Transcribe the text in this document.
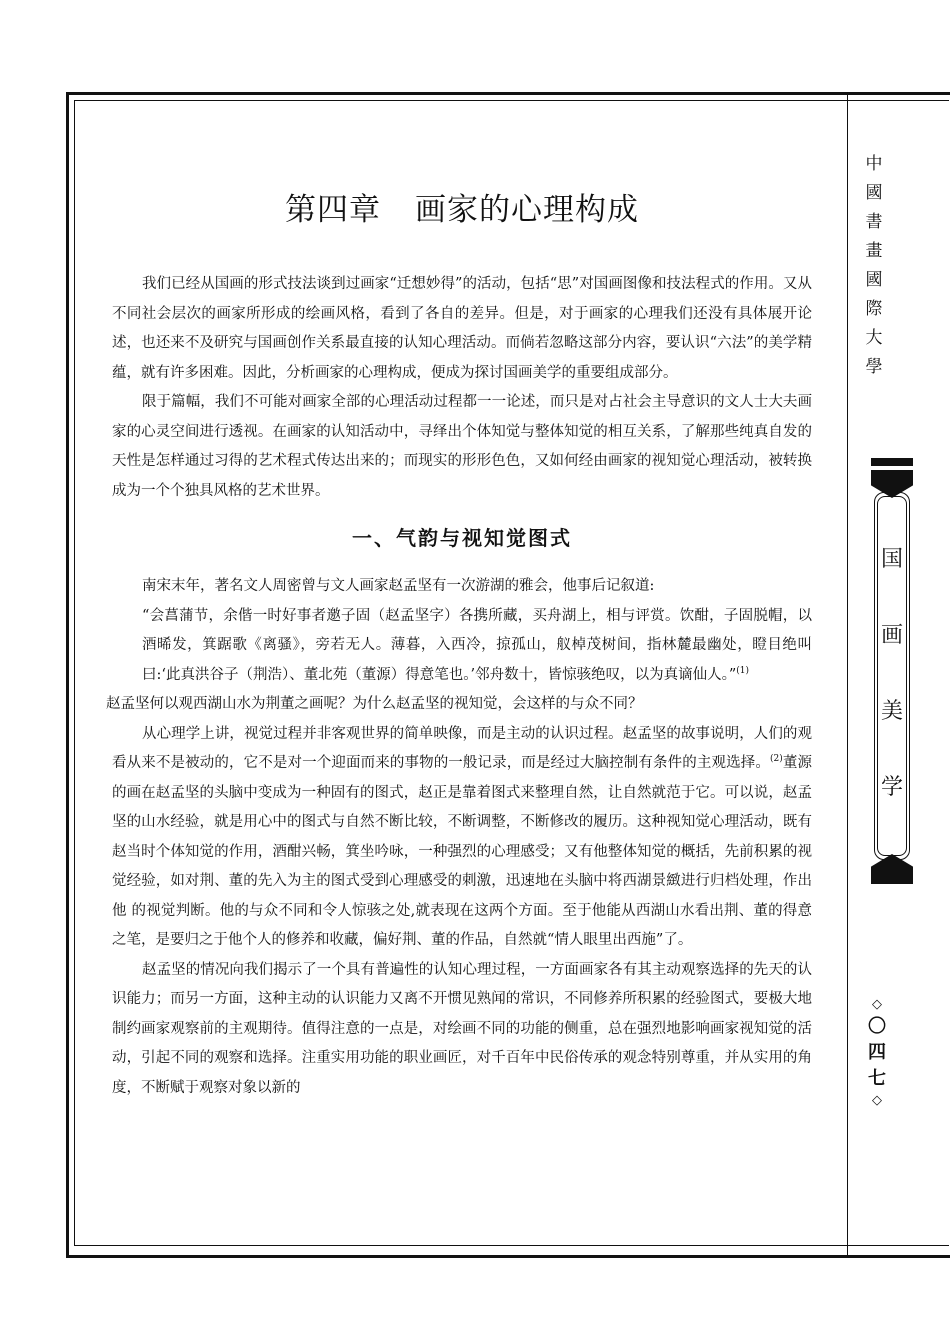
第四章 画家的心理构成

我们已经从国画的形式技法谈到过画家“迁想妙得”的活动，包括“思”对国画图像和技法程式的作用。又从不同社会层次的画家所形成的绘画风格，看到了各自的差异。但是，对于画家的心理我们还没有具体展开论述，也还来不及研究与国画创作关系最直接的认知心理活动。而倘若忽略这部分内容，要认识“六法”的美学精蕴，就有许多困难。因此，分析画家的心理构成，便成为探讨国画美学的重要组成部分。

限于篇幅，我们不可能对画家全部的心理活动过程都一一论述，而只是对占社会主导意识的文人士大夫画家的心灵空间进行透视。在画家的认知活动中，寻绎出个体知觉与整体知觉的相互关系，了解那些纯真自发的天性是怎样通过习得的艺术程式传达出来的；而现实的形形色色，又如何经由画家的视知觉心理活动，被转换成为一个个独具风格的艺术世界。

一、气韵与视知觉图式

南宋末年，著名文人周密曾与文人画家赵孟坚有一次游湖的雅会，他事后记叙道:

“会菖蒲节，余偕一时好事者邀子固（赵孟坚字）各携所藏，买舟湖上，相与评赏。饮酣，子固脱帽，以酒晞发，箕踞歌《离骚》，旁若无人。薄暮，入西冷，掠孤山，舣棹茂树间，指林麓最幽处，瞪目绝叫曰:‘此真洪谷子（荆浩）、董北苑（董源）得意笔也。’邻舟数十，皆惊骇绝叹，以为真谪仙人。”$^{(1)}$

赵孟坚何以观西湖山水为荆董之画呢？为什么赵孟坚的视知觉，会这样的与众不同？

从心理学上讲，视觉过程并非客观世界的简单映像，而是主动的认识过程。赵孟坚的故事说明，人们的观看从来不是被动的，它不是对一个迎面而来的事物的一般记录，而是经过大脑控制有条件的主观选择。$^{(2)}$董源的画在赵孟坚的头脑中变成为一种固有的图式，赵正是靠着图式来整理自然，让自然就范于它。可以说，赵孟坚的山水经验，就是用心中的图式与自然不断比较，不断调整，不断修改的履历。这种视知觉心理活动，既有赵当时个体知觉的作用，酒酣兴畅，箕坐吟咏，一种强烈的心理感受；又有他整体知觉的概括，先前积累的视觉经验，如对荆、董的先入为主的图式受到心理感受的刺激，迅速地在头脑中将西湖景緻进行归档处理，作出他 的视觉判断。他的与众不同和令人惊骇之处,就表现在这两个方面。至于他能从西湖山水看出荆、董的得意之笔，是要归之于他个人的修养和收藏，偏好荆、董的作品，自然就“情人眼里出西施”了。

赵孟坚的情况向我们揭示了一个具有普遍性的认知心理过程，一方面画家各有其主动观察选择的先天的认识能力；而另一方面，这种主动的认识能力又离不开惯见熟闻的常识，不同修养所积累的经验图式，要极大地制约画家观察前的主观期待。值得注意的一点是，对绘画不同的功能的侧重，总在强烈地影响画家视知觉的活动，引起不同的观察和选择。注重实用功能的职业画匠，对千百年中民俗传承的观念特别尊重，并从实用的角度，不断赋于观察对象以新的

中
國
書
畫
國
際
大
學
国
画
美
学
◇
〇
四
七
◇
